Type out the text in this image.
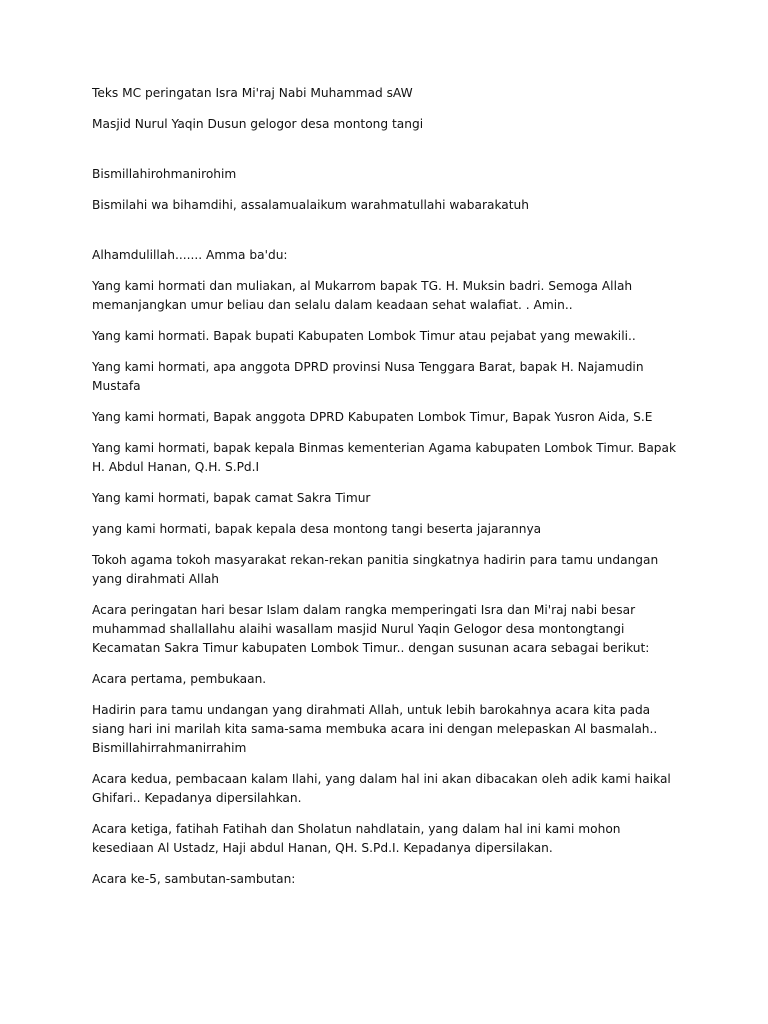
Teks MC peringatan Isra Mi'raj Nabi Muhammad sAW

Masjid Nurul Yaqin Dusun gelogor desa montong tangi

Bismillahirohmanirohim

Bismilahi wa bihamdihi, assalamualaikum warahmatullahi wabarakatuh

Alhamdulillah....... Amma ba'du:

Yang kami hormati̇ dan muliakan, al Mukarrom bapak TG. H. Muksin badri. Semoga Allah memanjangkan umur beliau dan selalu dalam keadaan sehat walafiat. . Amin..

Yang kami hormati̇. Bapak bupati̇ Kabupaten Lombok Timur atau pejabat yang mewakili..

Yang kami hormati̇, apa anggota DPRD provinsi Nusa Tenggara Barat, bapak H. Najamudin Mustafa

Yang kami hormati̇, Bapak anggota DPRD Kabupaten Lombok Timur, Bapak Yusron Aida, S.E

Yang kami hormati̇, bapak kepala Binmas kementerian Agama kabupaten Lombok Timur. Bapak H. Abdul Hanan, Q.H. S.Pd.I

Yang kami hormati̇, bapak camat Sakra Timur

yang kami hormati̇, bapak kepala desa montong tangi beserta jajarannya

Tokoh agama tokoh masyarakat rekan-rekan paniti̇a singkatnya hadirin para tamu undangan yang dirahmati̇ Allah

Acara peringatan hari besar Islam dalam rangka memperingati̇ Isra dan Mi'raj nabi besar muhammad shallallahu alaihi wasallam masjid Nurul Yaqin Gelogor desa montongtangi Kecamatan Sakra Timur kabupaten Lombok Timur.. dengan susunan acara sebagai berikut:

Acara pertama, pembukaan.

Hadirin para tamu undangan yang dirahmati̇ Allah, untuk lebih barokahnya acara kita pada siang hari ini marilah kita sama-sama membuka acara ini dengan melepaskan Al basmalah.. Bismillahirrahmanirrahim

Acara kedua, pembacaan kalam Ilahi, yang dalam hal ini akan dibacakan oleh adik kami haikal Ghifari.. Kepadanya dipersilahkan.

Acara keti̇ga, fati̇hah Fati̇hah dan Sholatun nahdlatain, yang dalam hal ini kami mohon kesediaan Al Ustadz, Haji abdul Hanan, QH. S.Pd.I. Kepadanya dipersilakan.

Acara ke-5, sambutan-sambutan:
